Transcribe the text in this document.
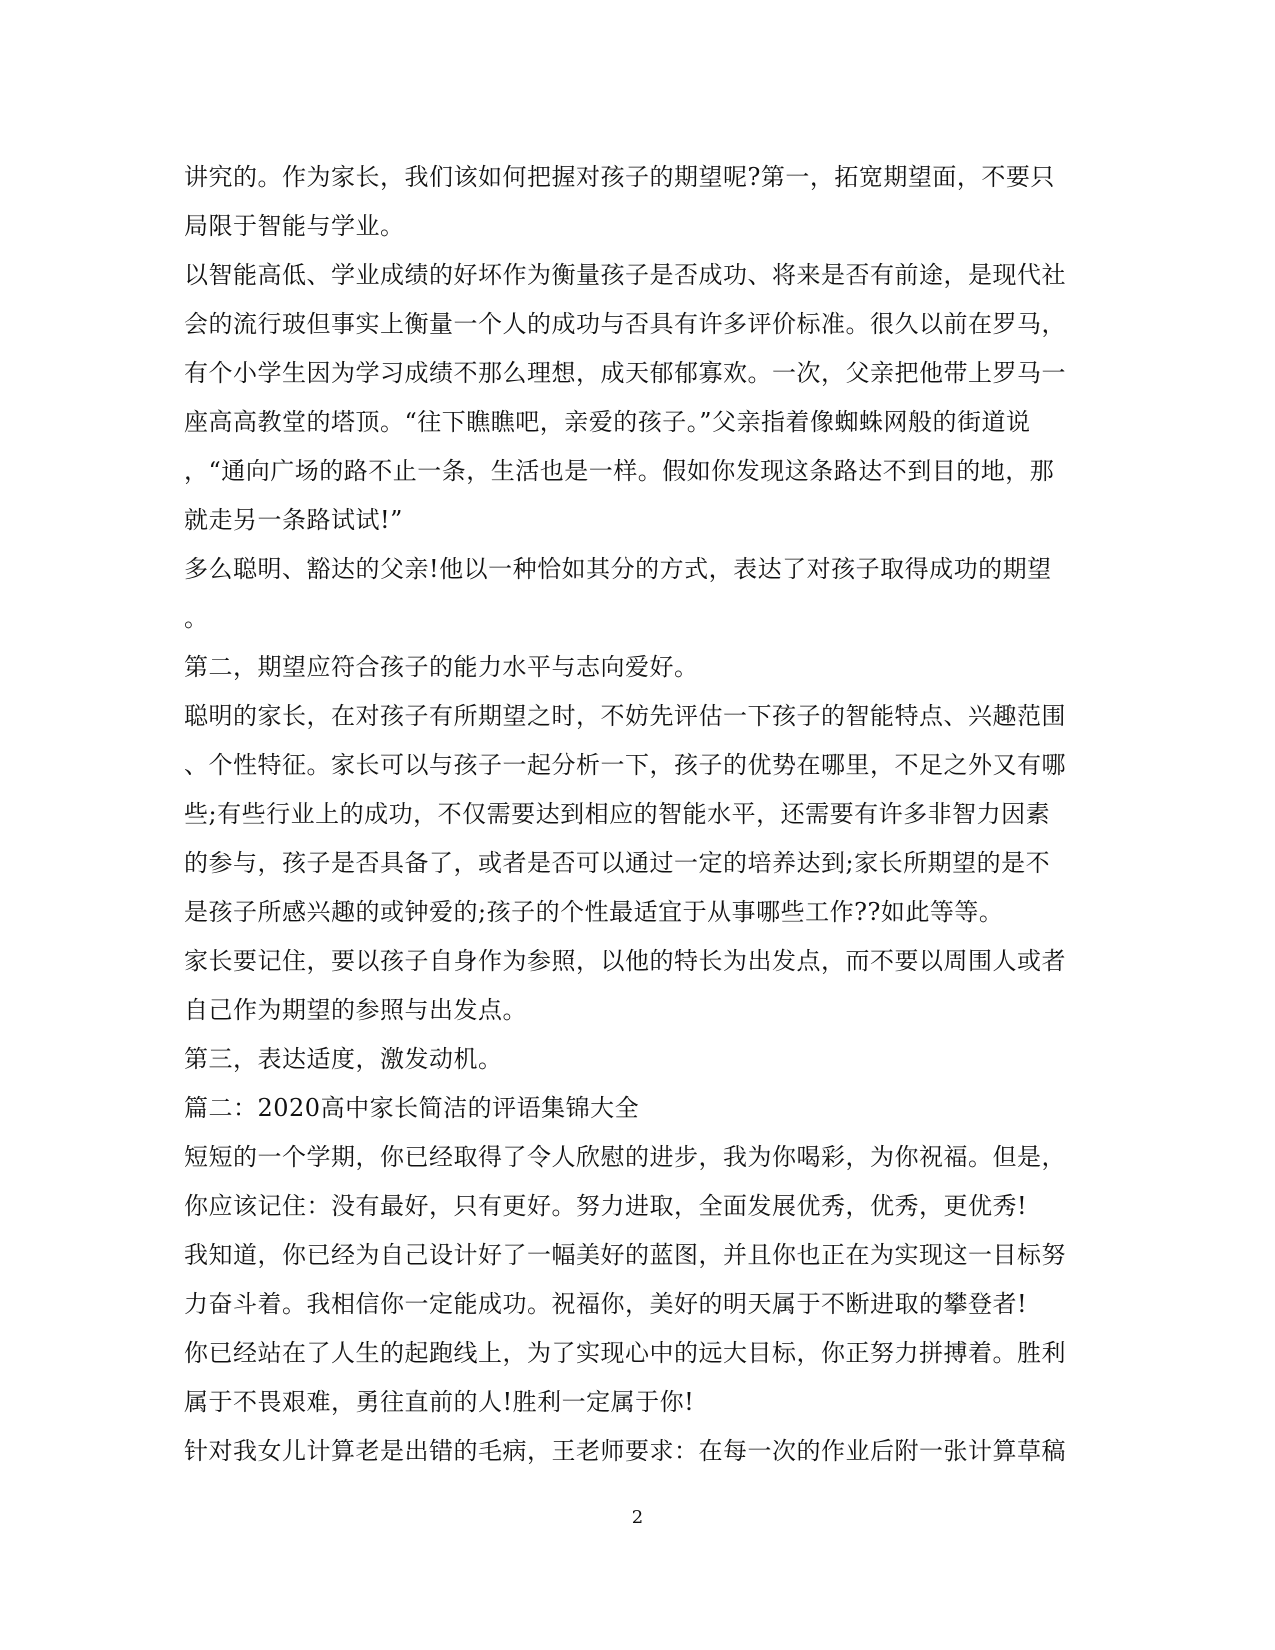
讲究的。作为家长，我们该如何把握对孩子的期望呢?第一，拓宽期望面，不要只
局限于智能与学业。
以智能高低、学业成绩的好坏作为衡量孩子是否成功、将来是否有前途，是现代社
会的流行玻但事实上衡量一个人的成功与否具有许多评价标准。很久以前在罗马，
有个小学生因为学习成绩不那么理想，成天郁郁寡欢。一次，父亲把他带上罗马一
座高高教堂的塔顶。“往下瞧瞧吧，亲爱的孩子。”父亲指着像蜘蛛网般的街道说
，“通向广场的路不止一条，生活也是一样。假如你发现这条路达不到目的地，那
就走另一条路试试!”
多么聪明、豁达的父亲!他以一种恰如其分的方式，表达了对孩子取得成功的期望
。
第二，期望应符合孩子的能力水平与志向爱好。
聪明的家长，在对孩子有所期望之时，不妨先评估一下孩子的智能特点、兴趣范围
、个性特征。家长可以与孩子一起分析一下，孩子的优势在哪里，不足之外又有哪
些;有些行业上的成功，不仅需要达到相应的智能水平，还需要有许多非智力因素
的参与，孩子是否具备了，或者是否可以通过一定的培养达到;家长所期望的是不
是孩子所感兴趣的或钟爱的;孩子的个性最适宜于从事哪些工作??如此等等。
家长要记住，要以孩子自身作为参照，以他的特长为出发点，而不要以周围人或者
自己作为期望的参照与出发点。
第三，表达适度，激发动机。
篇二：2020高中家长简洁的评语集锦大全
短短的一个学期，你已经取得了令人欣慰的进步，我为你喝彩，为你祝福。但是，
你应该记住：没有最好，只有更好。努力进取，全面发展优秀，优秀，更优秀!
我知道，你已经为自己设计好了一幅美好的蓝图，并且你也正在为实现这一目标努
力奋斗着。我相信你一定能成功。祝福你，美好的明天属于不断进取的攀登者!
你已经站在了人生的起跑线上，为了实现心中的远大目标，你正努力拼搏着。胜利
属于不畏艰难，勇往直前的人!胜利一定属于你!
针对我女儿计算老是出错的毛病，王老师要求：在每一次的作业后附一张计算草稿
2
